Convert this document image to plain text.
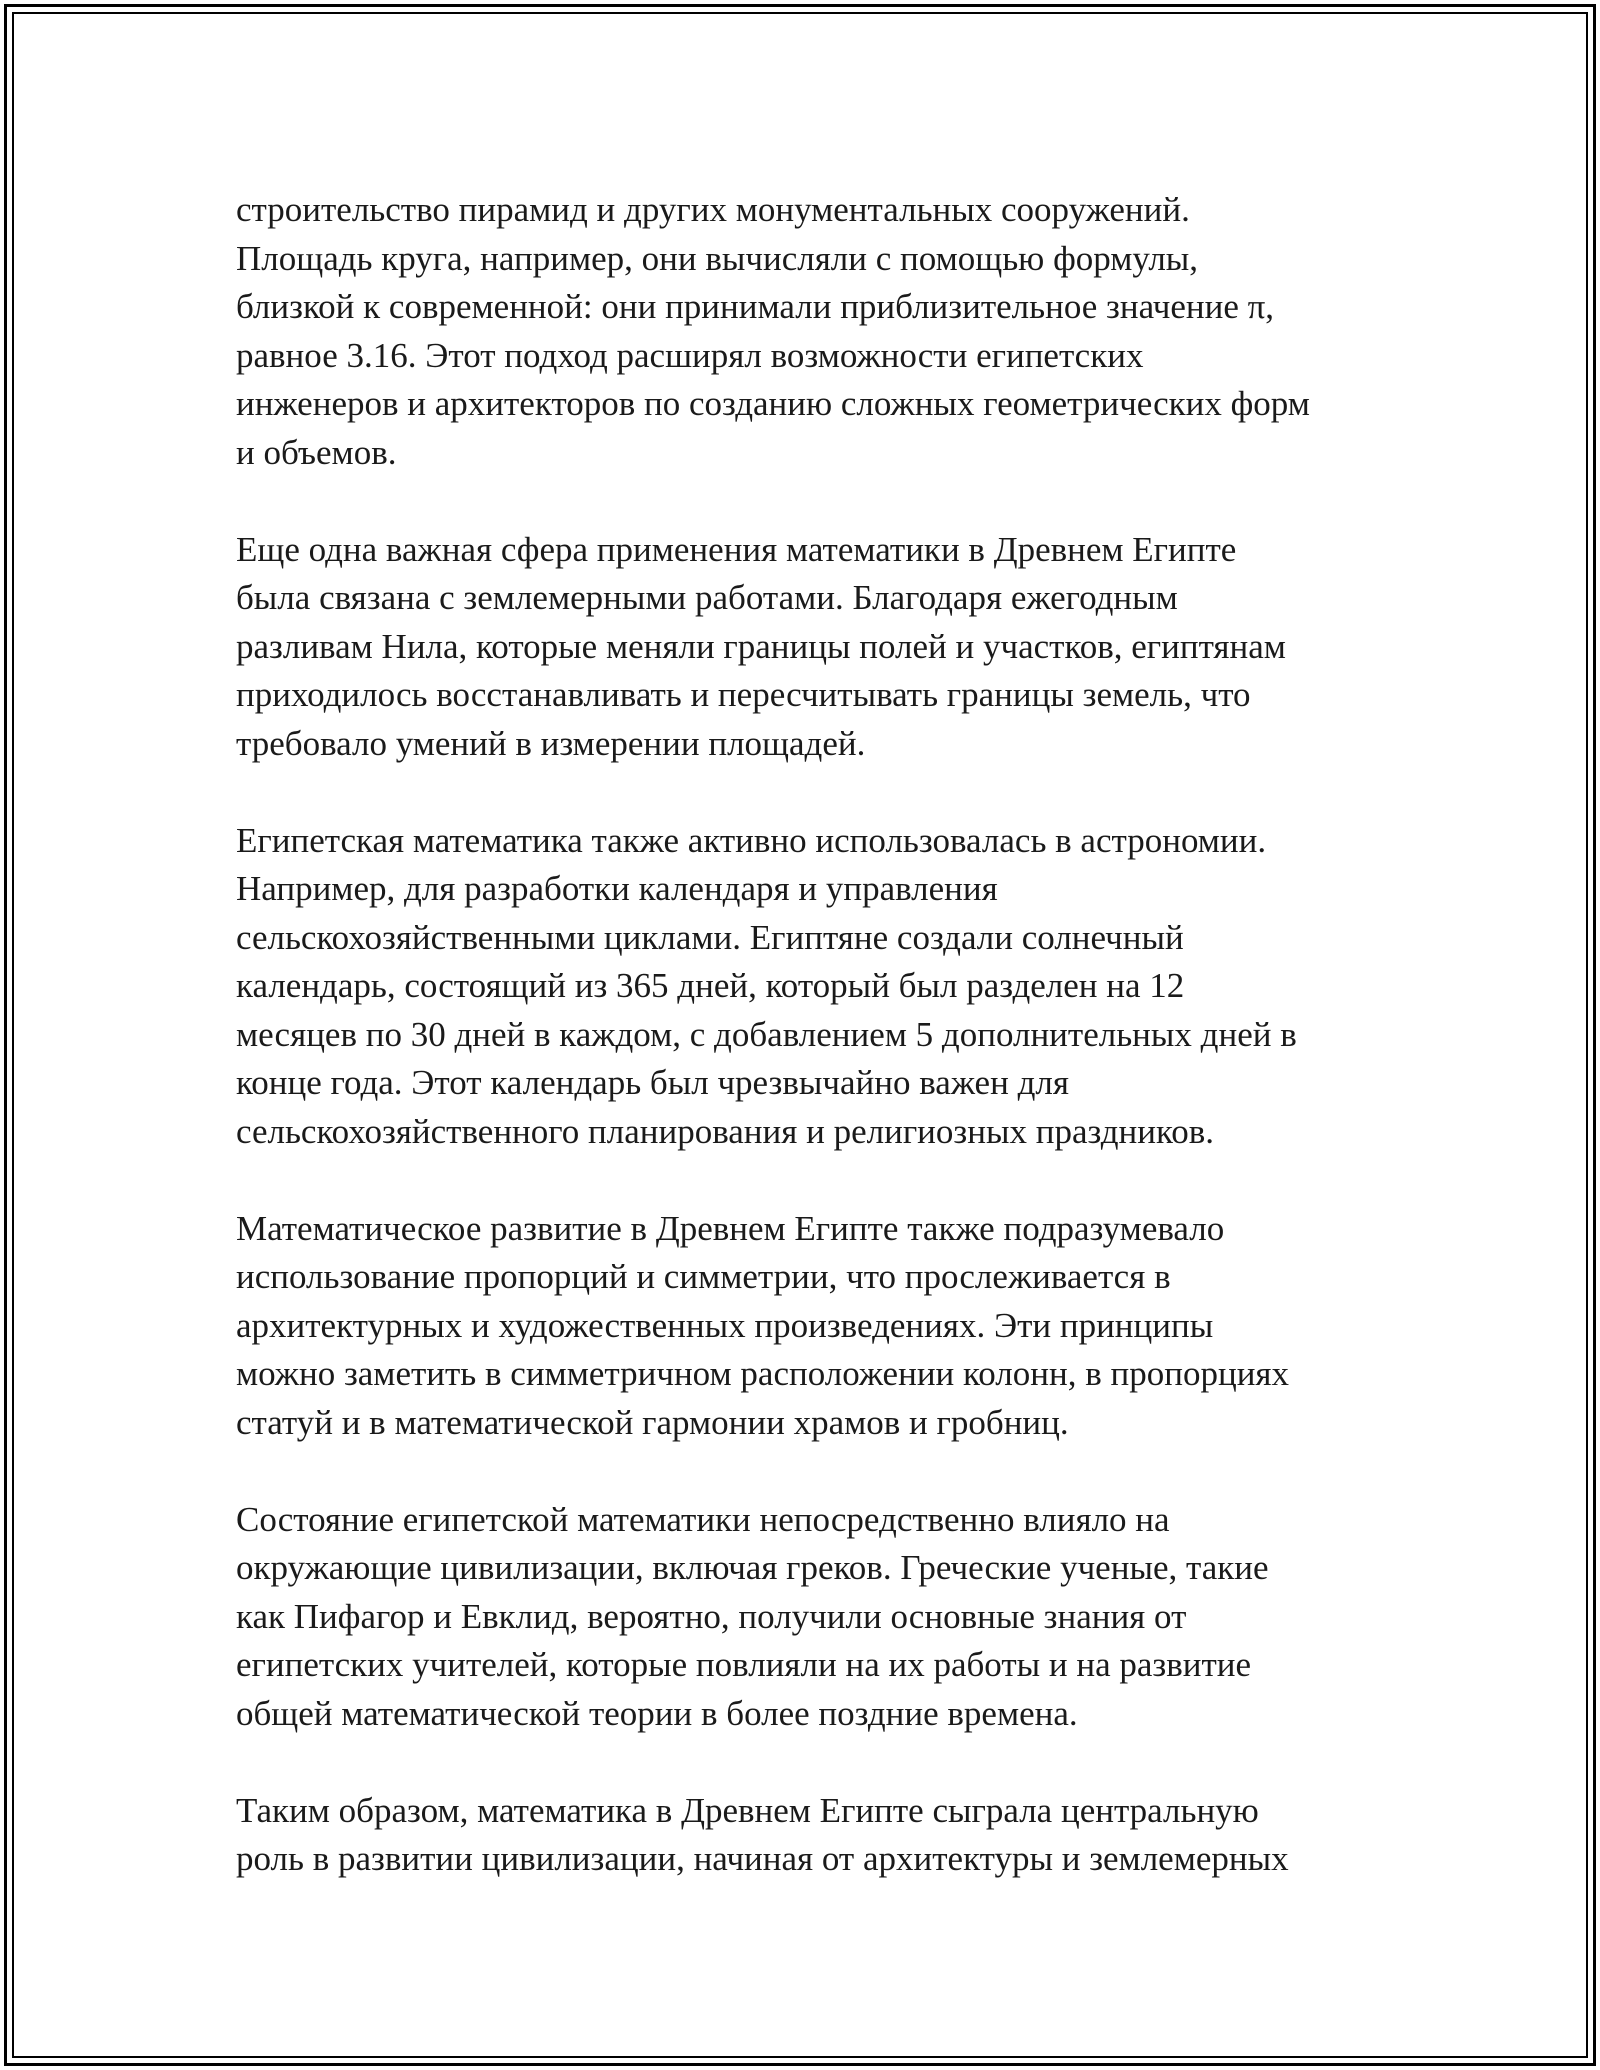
строительство пирамид и других монументальных сооружений.
Площадь круга, например, они вычисляли с помощью формулы,
близкой к современной: они принимали приблизительное значение π,
равное 3.16. Этот подход расширял возможности египетских
инженеров и архитекторов по созданию сложных геометрических форм
и объемов.

Еще одна важная сфера применения математики в Древнем Египте
была связана с землемерными работами. Благодаря ежегодным
разливам Нила, которые меняли границы полей и участков, египтянам
приходилось восстанавливать и пересчитывать границы земель, что
требовало умений в измерении площадей.

Египетская математика также активно использовалась в астрономии.
Например, для разработки календаря и управления
сельскохозяйственными циклами. Египтяне создали солнечный
календарь, состоящий из 365 дней, который был разделен на 12
месяцев по 30 дней в каждом, с добавлением 5 дополнительных дней в
конце года. Этот календарь был чрезвычайно важен для
сельскохозяйственного планирования и религиозных праздников.

Математическое развитие в Древнем Египте также подразумевало
использование пропорций и симметрии, что прослеживается в
архитектурных и художественных произведениях. Эти принципы
можно заметить в симметричном расположении колонн, в пропорциях
статуй и в математической гармонии храмов и гробниц.

Состояние египетской математики непосредственно влияло на
окружающие цивилизации, включая греков. Греческие ученые, такие
как Пифагор и Евклид, вероятно, получили основные знания от
египетских учителей, которые повлияли на их работы и на развитие
общей математической теории в более поздние времена.

Таким образом, математика в Древнем Египте сыграла центральную
роль в развитии цивилизации, начиная от архитектуры и землемерных
